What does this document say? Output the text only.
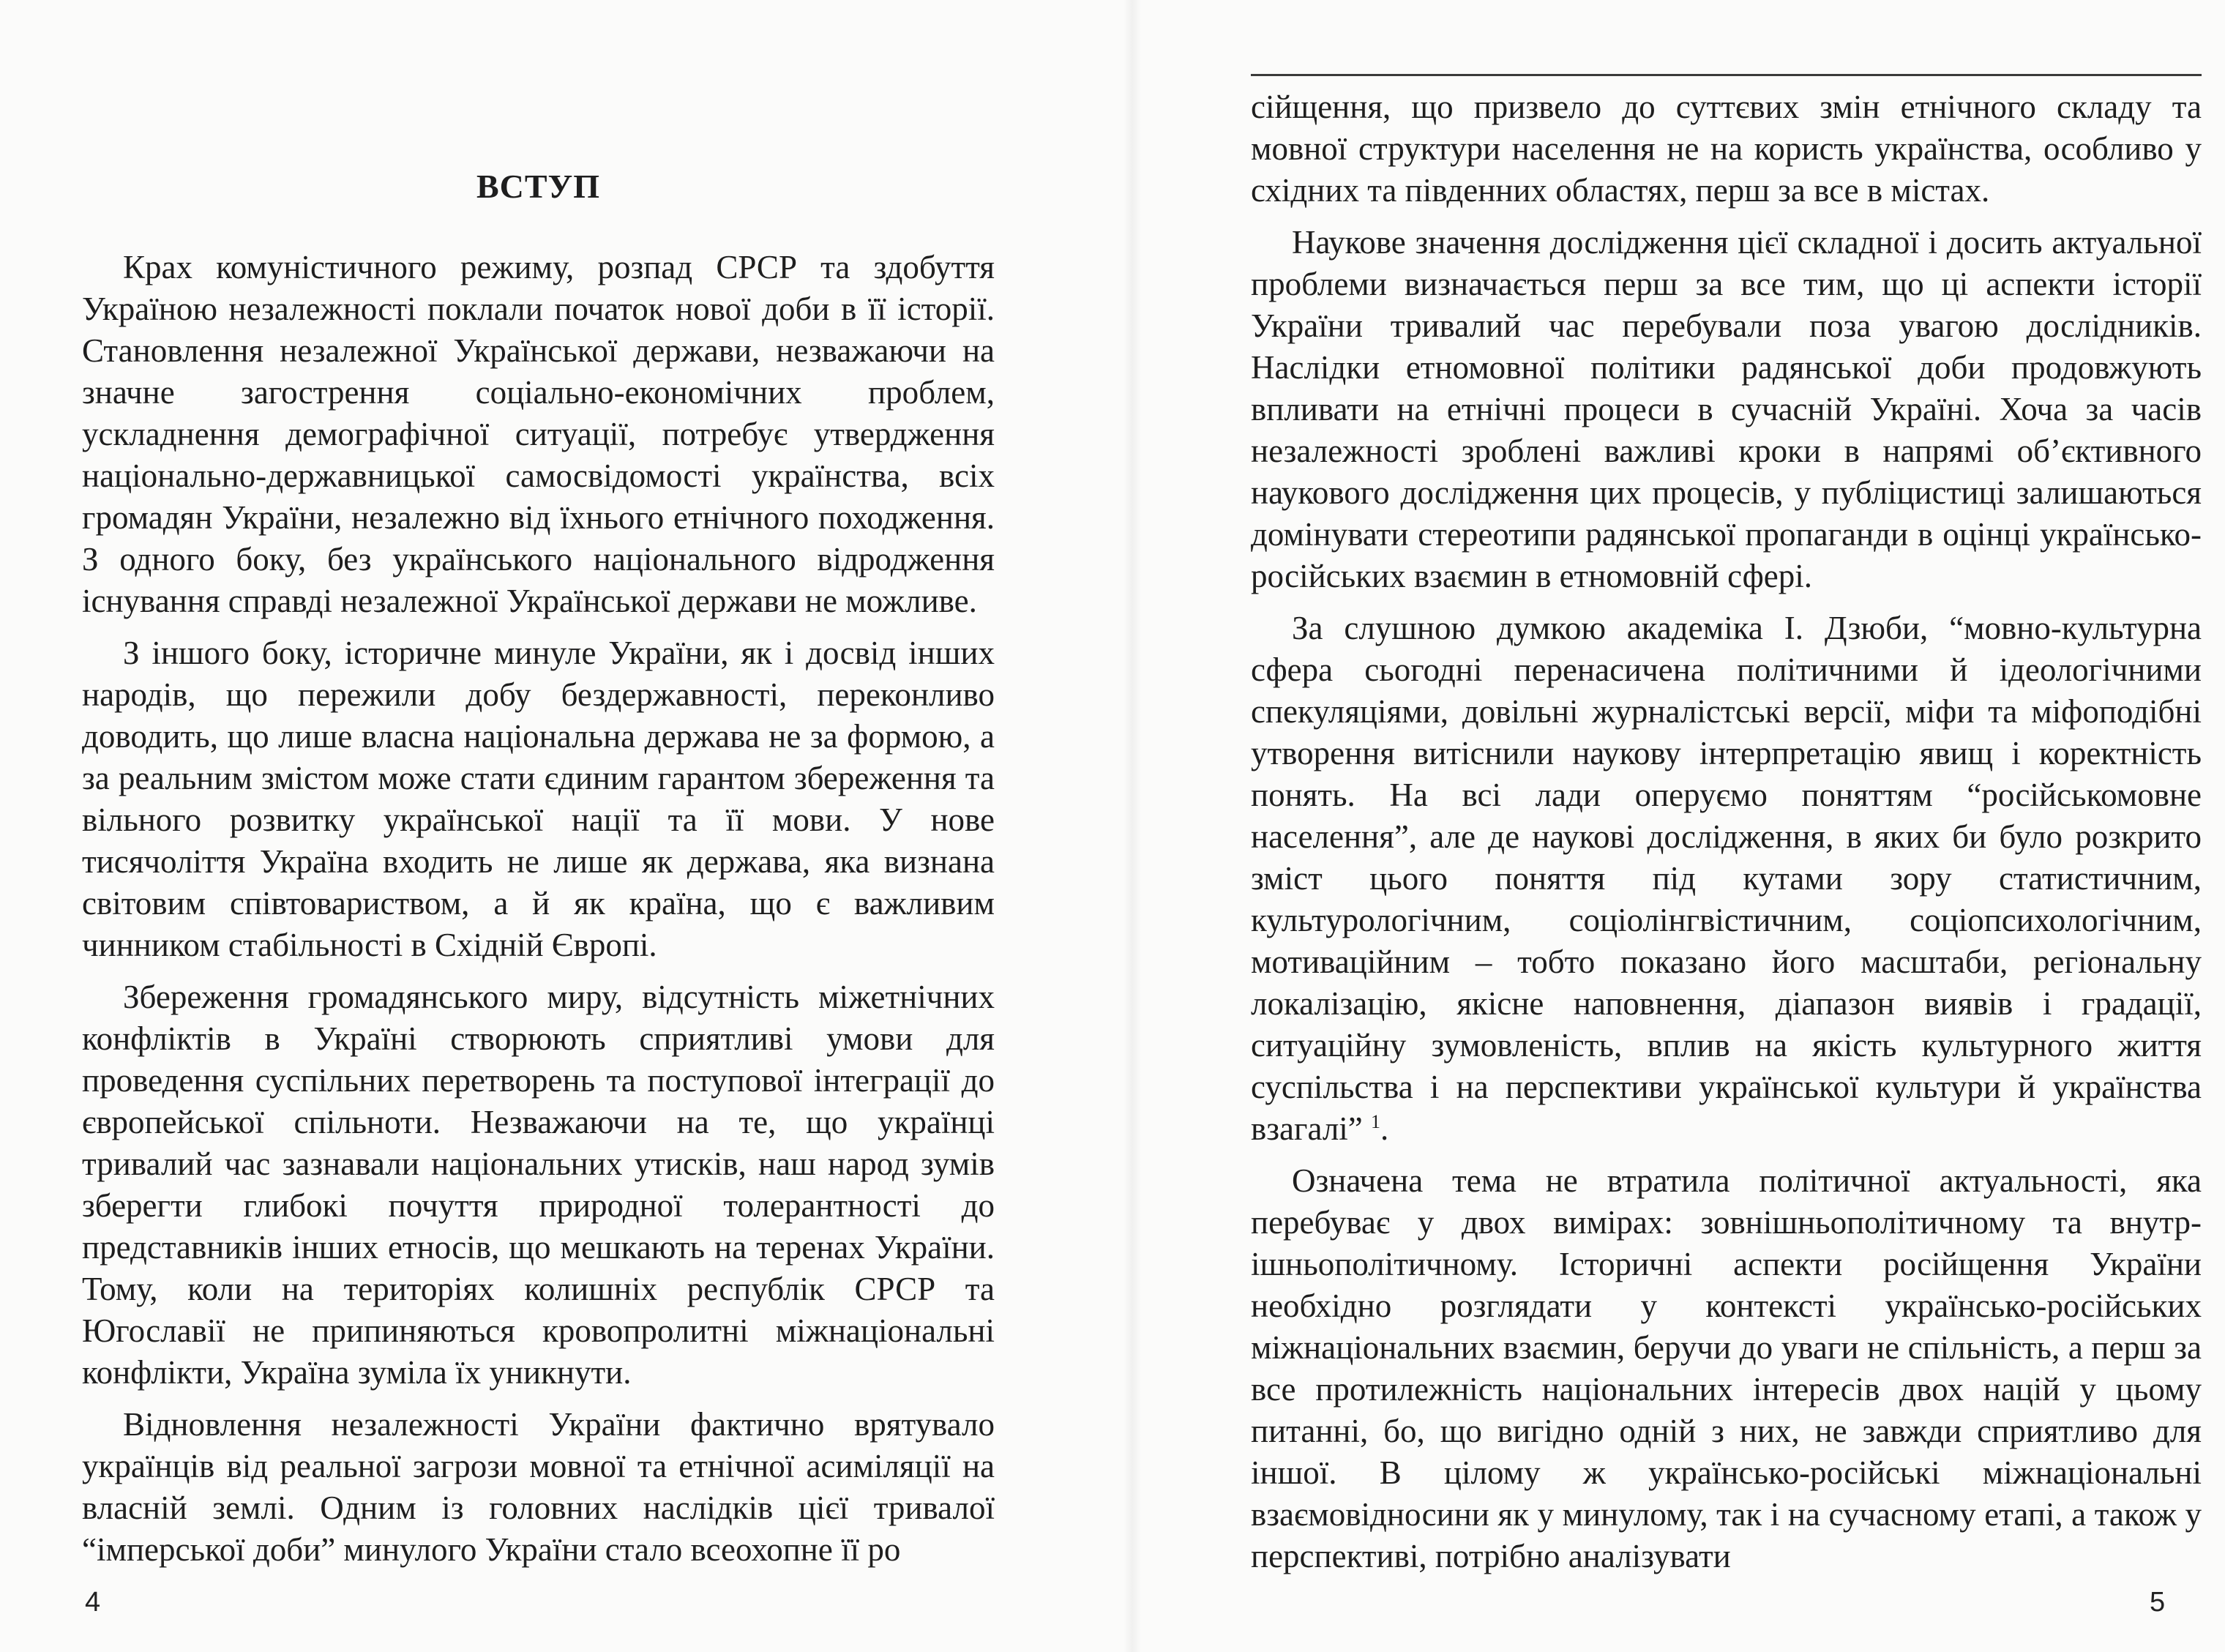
ВСТУП

Крах комуністичного режиму, розпад СРСР та здобуття Україною незалежності поклали початок нової доби в її історії. Становлення незалежної Української держави, незважаючи на значне загострення соціально-економічних проблем, ускладнення демографічної ситуації, потребує утвердження національно-державницької самосвідомості українства, всіх громадян України, незалежно від їхнього етнічного походження. З одного боку, без українського національного відродження існування справді незалежної Української держави не можливе.

З іншого боку, історичне минуле України, як і досвід інших народів, що пережили добу бездержавності, переконливо доводить, що лише власна національна держава не за формою, а за реальним змістом може стати єдиним гарантом збереження та вільного розвитку української нації та її мови. У нове тисячоліття Україна входить не лише як держава, яка визнана світовим співтовариством, а й як країна, що є важливим чинником стабільності в Східній Європі.

Збереження громадянського миру, відсутність міжетнічних конфліктів в Україні створюють сприятливі умови для проведення суспільних перетворень та поступової інтеграції до європейської спільноти. Незважаючи на те, що українці тривалий час зазнавали національних утисків, наш народ зумів зберегти глибокі почуття природної толерантності до представників інших етносів, що мешкають на теренах України. Тому, коли на територіях колишніх республік СРСР та Югославії не припиняються кровопролитні міжнаціональні конфлікти, Україна зуміла їх уникнути.

Відновлення незалежності України фактично врятувало українців від реальної загрози мовної та етнічної асиміляції на власній землі. Одним із головних наслідків цієї тривалої “імперської доби” минулого України стало всеохопне її ро

4

сійщення, що призвело до суттєвих змін етнічного складу та мовної структури населення не на користь українства, особливо у східних та південних областях, перш за все в містах.

Наукове значення дослідження цієї складної і досить актуальної проблеми визначається перш за все тим, що ці аспекти історії України тривалий час перебували поза увагою дослідників. Наслідки етномовної політики радянської доби продовжують впливати на етнічні процеси в сучасній Україні. Хоча за часів незалежності зроблені важливі кроки в напрямі об’єктивного наукового дослідження цих процесів, у публіцистиці залишаються домінувати стереотипи радянської пропаганди в оцінці українсько-російських взаємин в етномовній сфері.

За слушною думкою академіка І. Дзюби, “мовно-культурна сфера сьогодні перенасичена політичними й ідеологічними спекуляціями, довільні журналістські версії, міфи та міфоподібні утворення витіснили наукову інтерпретацію явищ і коректність понять. На всі лади оперуємо поняттям “російськомовне населення”, але де наукові дослідження, в яких би було розкрито зміст цього поняття під кутами зору статистичним, культурологічним, соціолінгвістичним, соціопсихологічним, мотиваційним – тобто показано його масштаби, регіональну локалізацію, якісне наповнення, діапазон виявів і градації, ситуаційну зумовленість, вплив на якість культурного життя суспільства і на перспективи української культури й українства взагалі” $^1$.

Означена тема не втратила політичної актуальності, яка перебуває у двох вимірах: зовнішньополітичному та внутрішньополітичному. Історичні аспекти російщення України необхідно розглядати у контексті українсько-російських міжнаціональних взаємин, беручи до уваги не спільність, а перш за все протилежність національних інтересів двох націй у цьому питанні, бо, що вигідно одній з них, не завжди сприятливо для іншої. В цілому ж українсько-російські міжнаціональні взаємовідносини як у минулому, так і на сучасному етапі, а також у перспективі, потрібно аналізувати

5
